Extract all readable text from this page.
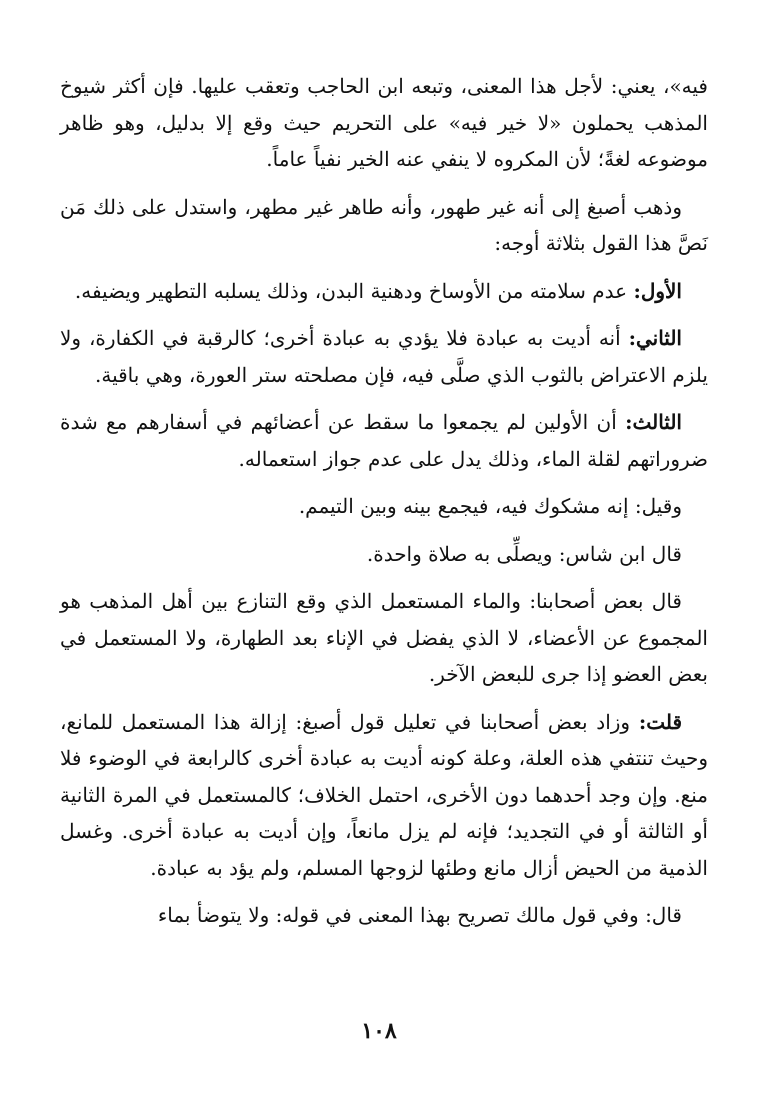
فيه»، يعني: لأجل هذا المعنى، وتبعه ابن الحاجب وتعقب عليها. فإن أكثر شيوخ المذهب يحملون «لا خير فيه» على التحريم حيث وقع إلا بدليل، وهو ظاهر موضوعه لغةً؛ لأن المكروه لا ينفي عنه الخير نفياً عاماً.

وذهب أصبغ إلى أنه غير طهور، وأنه طاهر غير مطهر، واستدل على ذلك مَن نَصَّ هذا القول بثلاثة أوجه:

الأول: عدم سلامته من الأوساخ ودهنية البدن، وذلك يسلبه التطهير ويضيفه.

الثاني: أنه أديت به عبادة فلا يؤدي به عبادة أخرى؛ كالرقبة في الكفارة، ولا يلزم الاعتراض بالثوب الذي صلَّى فيه، فإن مصلحته ستر العورة، وهي باقية.

الثالث: أن الأولين لم يجمعوا ما سقط عن أعضائهم في أسفارهم مع شدة ضروراتهم لقلة الماء، وذلك يدل على عدم جواز استعماله.

وقيل: إنه مشكوك فيه، فيجمع بينه وبين التيمم.

قال ابن شاس: ويصلِّى به صلاة واحدة.

قال بعض أصحابنا: والماء المستعمل الذي وقع التنازع بين أهل المذهب هو المجموع عن الأعضاء، لا الذي يفضل في الإناء بعد الطهارة، ولا المستعمل في بعض العضو إذا جرى للبعض الآخر.

قلت: وزاد بعض أصحابنا في تعليل قول أصبغ: إزالة هذا المستعمل للمانع، وحيث تنتفي هذه العلة، وعلة كونه أديت به عبادة أخرى كالرابعة في الوضوء فلا منع. وإن وجد أحدهما دون الأخرى، احتمل الخلاف؛ كالمستعمل في المرة الثانية أو الثالثة أو في التجديد؛ فإنه لم يزل مانعاً، وإن أديت به عبادة أخرى. وغسل الذمية من الحيض أزال مانع وطئها لزوجها المسلم، ولم يؤد به عبادة.

قال: وفي قول مالك تصريح بهذا المعنى في قوله: ولا يتوضأ بماء

١٠٨
